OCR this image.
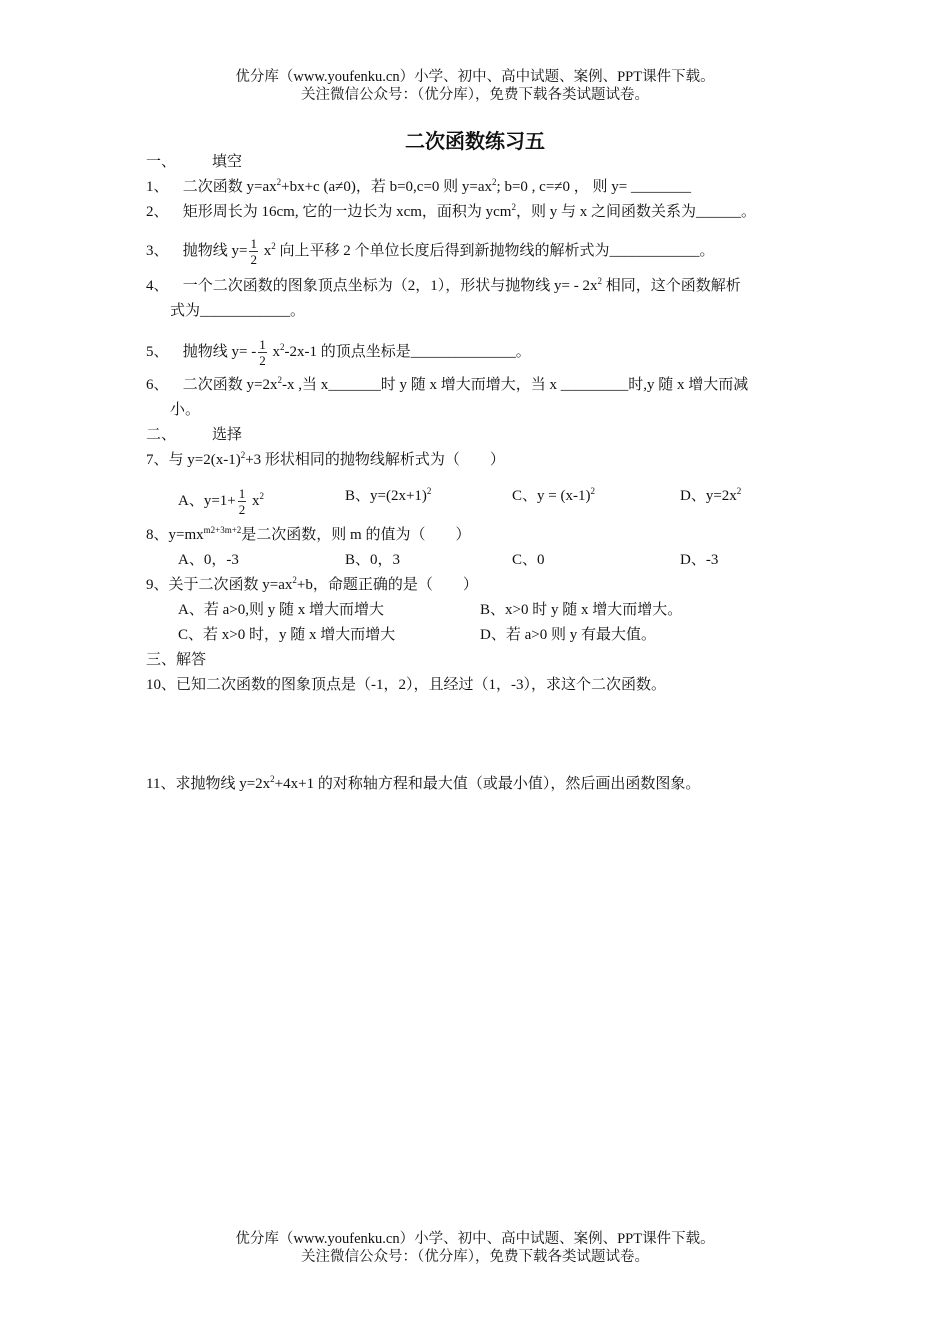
优分库（www.youfenku.cn）小学、初中、高中试题、案例、PPT课件下载。
关注微信公众号：（优分库），免费下载各类试题试卷。
二次函数练习五
一、 填空
1、 二次函数 $y=ax^2+bx+c$ (a≠0)，若 b=0,c=0 则 $y=ax^2$; b=0 , c=≠0 ， 则 y= ________
2、 矩形周长为 16cm, 它的一边长为 xcm，面积为 ycm$^2$，则 y 与 x 之间函数关系为______。
3、 抛物线 $y= \frac{1}{2} x^2$ 向上平移 2 个单位长度后得到新抛物线的解析式为____________。
4、 一个二次函数的图象顶点坐标为（2，1），形状与抛物线 $y= - 2x^2$ 相同，这个函数解析
式为____________。
5、 抛物线 $y= - \frac{1}{2} x^2-2x-1$ 的顶点坐标是______________。
6、 二次函数 $y=2x^2-x$ ,当 x_______时 y 随 x 增大而增大，当 x _________时,y 随 x 增大而减
小。
二、 选择
7、与 $y=2(x-1)^2+3$ 形状相同的抛物线解析式为（　　）
A、$y=1+ \frac{1}{2} x^2$	B、$y=(2x+1)^2$	C、$y = (x-1)^2$	D、$y=2x^2$
8、$y=mx^{m2+3m+2}$是二次函数，则 m 的值为（　　）
A、0，-3	B、0，3	C、0	D、-3
9、关于二次函数 $y=ax^2+b$，命题正确的是（　　）
A、若 a>0,则 y 随 x 增大而增大	B、x>0 时 y 随 x 增大而增大。
C、若 x>0 时，y 随 x 增大而增大	D、若 a>0 则 y 有最大值。
三、解答
10、已知二次函数的图象顶点是（-1，2），且经过（1，-3），求这个二次函数。
11、求抛物线 $y=2x^2+4x+1$ 的对称轴方程和最大值（或最小值），然后画出函数图象。
优分库（www.youfenku.cn）小学、初中、高中试题、案例、PPT课件下载。
关注微信公众号：（优分库），免费下载各类试题试卷。
